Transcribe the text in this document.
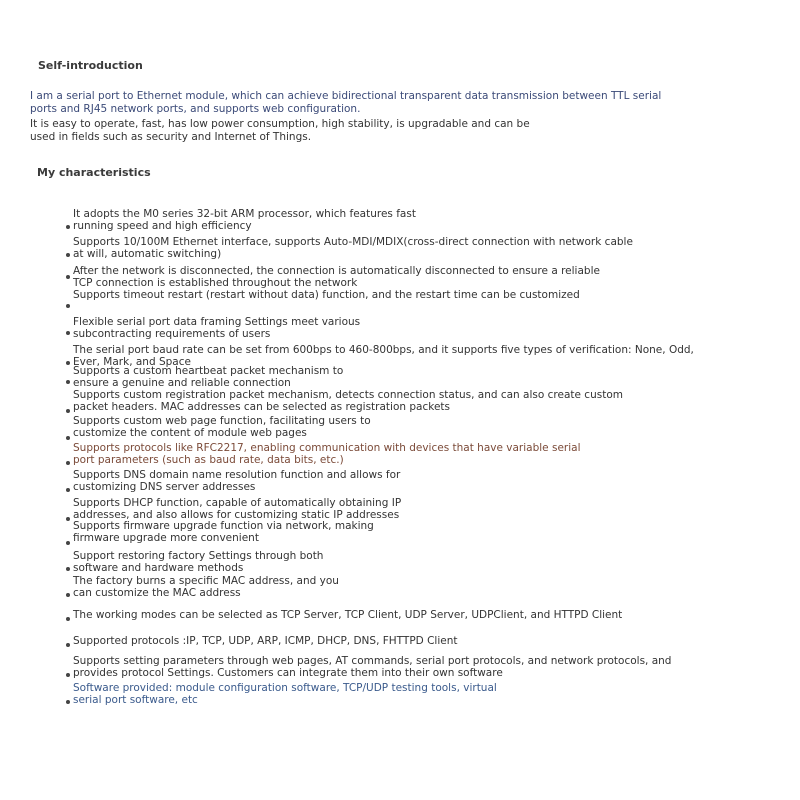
Self-introduction
I am a serial port to Ethernet module, which can achieve bidirectional transparent data transmission between TTL serial
ports and RJ45 network ports, and supports web configuration.
It is easy to operate, fast, has low power consumption, high stability, is upgradable and can be
used in fields such as security and Internet of Things.
My characteristics
It adopts the M0 series 32-bit ARM processor, which features fast
running speed and high efficiency
Supports 10/100M Ethernet interface, supports Auto-MDI/MDIX(cross-direct connection with network cable
at will, automatic switching)
After the network is disconnected, the connection is automatically disconnected to ensure a reliable
TCP connection is established throughout the network
Supports timeout restart (restart without data) function, and the restart time can be customized
Flexible serial port data framing Settings meet various
subcontracting requirements of users
The serial port baud rate can be set from 600bps to 460-800bps, and it supports five types of verification: None, Odd,
Ever, Mark, and Space
Supports a custom heartbeat packet mechanism to
ensure a genuine and reliable connection
Supports custom registration packet mechanism, detects connection status, and can also create custom
packet headers. MAC addresses can be selected as registration packets
Supports custom web page function, facilitating users to
customize the content of module web pages
Supports protocols like RFC2217, enabling communication with devices that have variable serial
port parameters (such as baud rate, data bits, etc.)
Supports DNS domain name resolution function and allows for
customizing DNS server addresses
Supports DHCP function, capable of automatically obtaining IP
addresses, and also allows for customizing static IP addresses
Supports firmware upgrade function via network, making
firmware upgrade more convenient
Support restoring factory Settings through both
software and hardware methods
The factory burns a specific MAC address, and you
can customize the MAC address
The working modes can be selected as TCP Server, TCP Client, UDP Server, UDPClient, and HTTPD Client
Supported protocols :IP, TCP, UDP, ARP, ICMP, DHCP, DNS, FHTTPD Client
Supports setting parameters through web pages, AT commands, serial port protocols, and network protocols, and
provides protocol Settings. Customers can integrate them into their own software
Software provided: module configuration software, TCP/UDP testing tools, virtual
serial port software, etc
